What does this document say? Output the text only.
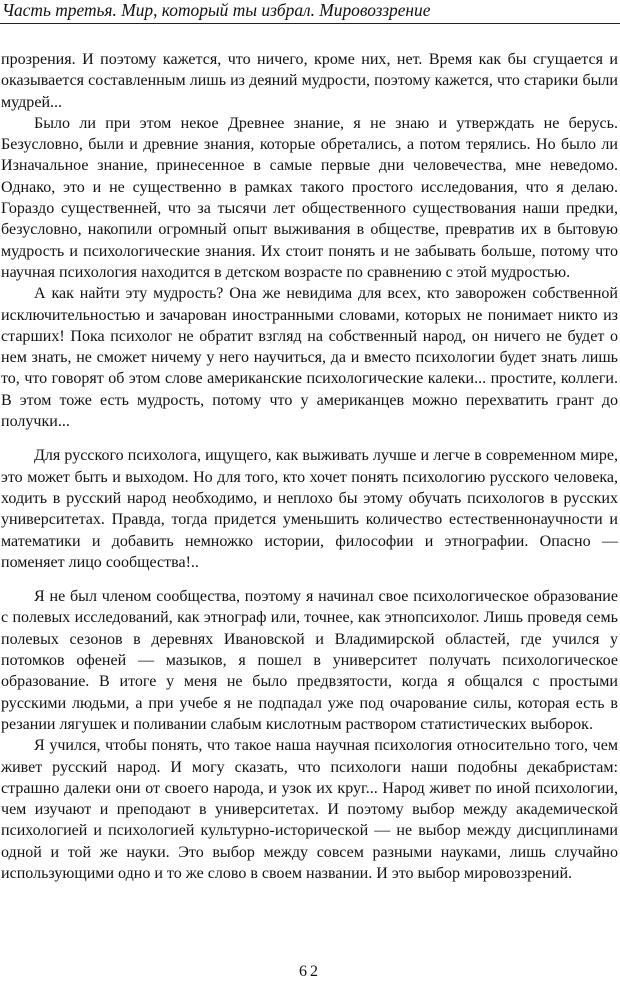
Часть третья. Мир, который ты избрал. Мировоззрение

прозрения. И поэтому кажется, что ничего, кроме них, нет. Время как бы сгущается и оказывается составленным лишь из деяний мудрости, поэтому кажется, что старики были мудрей...

Было ли при этом некое Древнее знание, я не знаю и утверждать не берусь. Безусловно, были и древние знания, которые обретались, а потом терялись. Но было ли Изначальное знание, принесенное в самые первые дни человечества, мне неведомо. Однако, это и не существенно в рамках такого простого исследования, что я делаю. Гораздо существенней, что за тысячи лет общественного существования наши предки, безусловно, накопили огромный опыт выживания в обществе, превратив их в бытовую мудрость и психологические знания. Их стоит понять и не забывать больше, потому что научная психология находится в детском возрасте по сравнению с этой мудростью.

А как найти эту мудрость? Она же невидима для всех, кто заворожен собственной исключительностью и зачарован иностранными словами, которых не понимает никто из старших! Пока психолог не обратит взгляд на собственный народ, он ничего не будет о нем знать, не сможет ничему у него научиться, да и вместо психологии будет знать лишь то, что говорят об этом слове американские психологические калеки... простите, коллеги. В этом тоже есть мудрость, потому что у американцев можно перехватить грант до получки...

Для русского психолога, ищущего, как выживать лучше и легче в современном мире, это может быть и выходом. Но для того, кто хочет понять психологию русского человека, ходить в русский народ необходимо, и неплохо бы этому обучать психологов в русских университетах. Правда, тогда придется уменьшить количество естественнонаучности и математики и добавить немножко истории, философии и этнографии. Опасно — поменяет лицо сообщества!..

Я не был членом сообщества, поэтому я начинал свое психологическое образование с полевых исследований, как этнограф или, точнее, как этнопсихолог. Лишь проведя семь полевых сезонов в деревнях Ивановской и Владимирской областей, где учился у потомков офеней — мазыков, я пошел в университет получать психологическое образование. В итоге у меня не было предвзятости, когда я общался с простыми русскими людьми, а при учебе я не подпадал уже под очарование силы, которая есть в резании лягушек и поливании слабым кислотным раствором статистических выборок.

Я учился, чтобы понять, что такое наша научная психология относительно того, чем живет русский народ. И могу сказать, что психологи наши подобны декабристам: страшно далеки они от своего народа, и узок их круг... Народ живет по иной психологии, чем изучают и преподают в университетах. И поэтому выбор между академической психологией и психологией культурно-исторической — не выбор между дисциплинами одной и той же науки. Это выбор между совсем разными науками, лишь случайно использующими одно и то же слово в своем названии. И это выбор мировоззрений.

62
